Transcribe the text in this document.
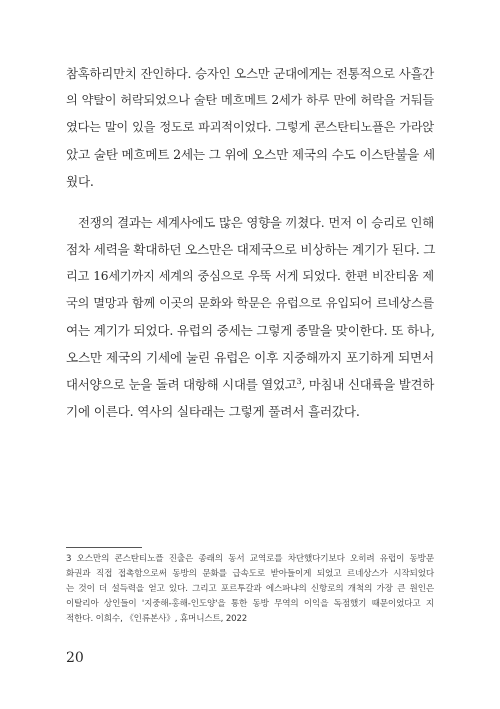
참혹하리만치 잔인하다. 승자인 오스만 군대에게는 전통적으로 사흘간
의 약탈이 허락되었으나 술탄 메흐메트 2세가 하루 만에 허락을 거둬들
였다는 말이 있을 정도로 파괴적이었다. 그렇게 콘스탄티노플은 가라앉
았고 술탄 메흐메트 2세는 그 위에 오스만 제국의 수도 이스탄불을 세
웠다.
전쟁의 결과는 세계사에도 많은 영향을 끼쳤다. 먼저 이 승리로 인해
점차 세력을 확대하던 오스만은 대제국으로 비상하는 계기가 된다. 그
리고 16세기까지 세계의 중심으로 우뚝 서게 되었다. 한편 비잔티움 제
국의 멸망과 함께 이곳의 문화와 학문은 유럽으로 유입되어 르네상스를
여는 계기가 되었다. 유럽의 중세는 그렇게 종말을 맞이한다. 또 하나,
오스만 제국의 기세에 눌린 유럽은 이후 지중해까지 포기하게 되면서
대서양으로 눈을 돌려 대항해 시대를 열었고$^3$, 마침내 신대륙을 발견하
기에 이른다. 역사의 실타래는 그렇게 풀려서 흘러갔다.
3 오스만의 콘스탄티노플 진출은 종래의 동서 교역로를 차단했다기보다 오히려 유럽이 동방문
화권과 직접 접촉함으로써 동방의 문화를 급속도로 받아들이게 되었고 르네상스가 시작되었다
는 것이 더 설득력을 얻고 있다. 그리고 포르투갈과 에스파냐의 신항로의 개척의 가장 큰 원인은
이탈리아 상인들이 '지중해-홍해-인도양'을 통한 동방 무역의 이익을 독점했기 때문이었다고 지
적한다. 이희수, 《인류본사》, 휴머니스트, 2022
20
